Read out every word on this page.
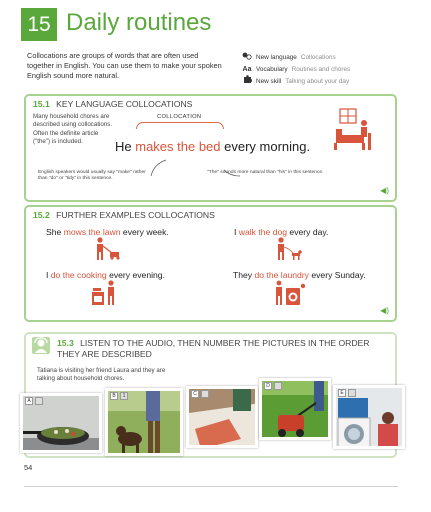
15 Daily routines

Collocations are groups of words that are often used together in English. You can use them to make your spoken English sound more natural.

New language Collocations
Aa Vocabulary Routines and chores
New skill Talking about your day
15.1 KEY LANGUAGE COLLOCATIONS

Many household chores are described using collocations. Often the definite article ("the") is included.

COLLOCATION
He makes the bed every morning.
English speakers would usually say "make" rather than "do" or "tidy" in this sentence.
"The" sounds more natural than "his" in this sentence.
◀)
15.2 FURTHER EXAMPLES COLLOCATIONS
She mows the lawn every week.	I walk the dog every day.
I do the cooking every evening.	They do the laundry every Sunday.
◀)
15.3 LISTEN TO THE AUDIO, THEN NUMBER THE PICTURES IN THE ORDER THEY ARE DESCRIBED

Tatiana is visiting her friend Laura and they are talking about household chores.

A
B	1	C
D
E
54
